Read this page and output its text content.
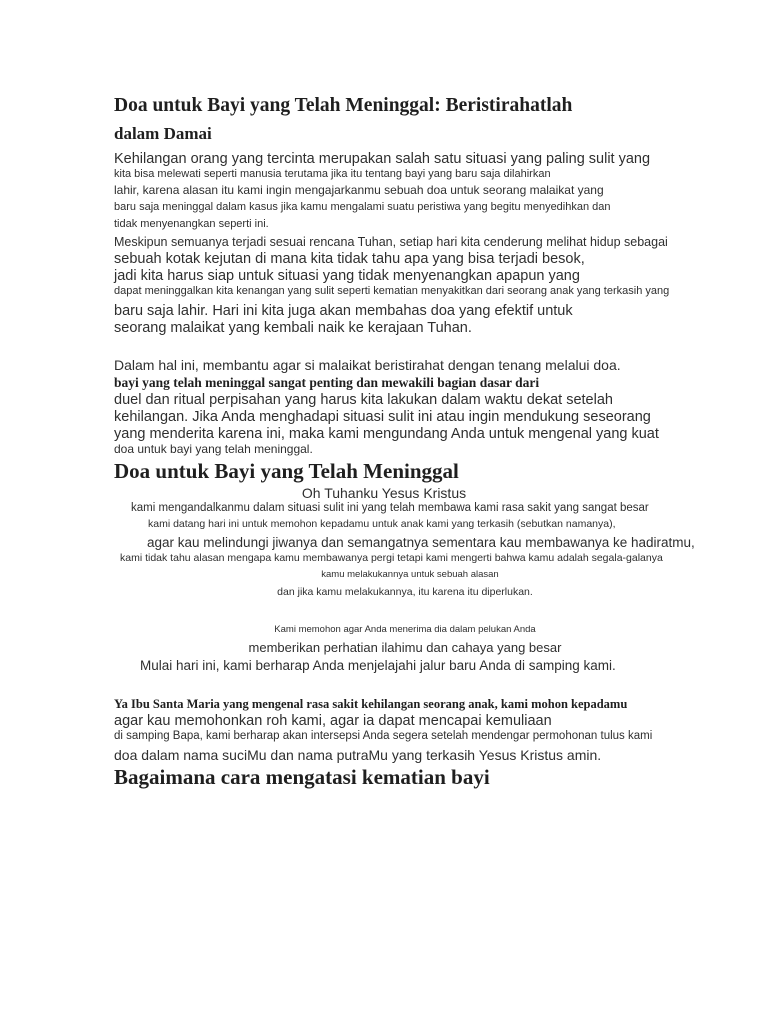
Doa untuk Bayi yang Telah Meninggal: Beristirahatlah
dalam Damai

Kehilangan orang yang tercinta merupakan salah satu situasi yang paling sulit yang

kita bisa melewati seperti manusia terutama jika itu tentang bayi yang baru saja dilahirkan

lahir, karena alasan itu kami ingin mengajarkanmu sebuah doa untuk seorang malaikat yang

baru saja meninggal dalam kasus jika kamu mengalami suatu peristiwa yang begitu menyedihkan dan

tidak menyenangkan seperti ini.

Meskipun semuanya terjadi sesuai rencana Tuhan, setiap hari kita cenderung melihat hidup sebagai

sebuah kotak kejutan di mana kita tidak tahu apa yang bisa terjadi besok,

jadi kita harus siap untuk situasi yang tidak menyenangkan apapun yang

dapat meninggalkan kita kenangan yang sulit seperti kematian menyakitkan dari seorang anak yang terkasih yang

baru saja lahir. Hari ini kita juga akan membahas doa yang efektif untuk

seorang malaikat yang kembali naik ke kerajaan Tuhan.

Dalam hal ini, membantu agar si malaikat beristirahat dengan tenang melalui doa.

bayi yang telah meninggal sangat penting dan mewakili bagian dasar dari

duel dan ritual perpisahan yang harus kita lakukan dalam waktu dekat setelah

kehilangan. Jika Anda menghadapi situasi sulit ini atau ingin mendukung seseorang

yang menderita karena ini, maka kami mengundang Anda untuk mengenal yang kuat

doa untuk bayi yang telah meninggal.

Doa untuk Bayi yang Telah Meninggal

Oh Tuhanku Yesus Kristus

kami mengandalkanmu dalam situasi sulit ini yang telah membawa kami rasa sakit yang sangat besar

kami datang hari ini untuk memohon kepadamu untuk anak kami yang terkasih (sebutkan namanya),

agar kau melindungi jiwanya dan semangatnya sementara kau membawanya ke hadiratmu,

kami tidak tahu alasan mengapa kamu membawanya pergi tetapi kami mengerti bahwa kamu adalah segala-galanya

kamu melakukannya untuk sebuah alasan

dan jika kamu melakukannya, itu karena itu diperlukan.

Kami memohon agar Anda menerima dia dalam pelukan Anda

memberikan perhatian ilahimu dan cahaya yang besar

Mulai hari ini, kami berharap Anda menjelajahi jalur baru Anda di samping kami.

Ya Ibu Santa Maria yang mengenal rasa sakit kehilangan seorang anak, kami mohon kepadamu

agar kau memohonkan roh kami, agar ia dapat mencapai kemuliaan

di samping Bapa, kami berharap akan intersepsi Anda segera setelah mendengar permohonan tulus kami

doa dalam nama suciMu dan nama putraMu yang terkasih Yesus Kristus amin.

Bagaimana cara mengatasi kematian bayi
